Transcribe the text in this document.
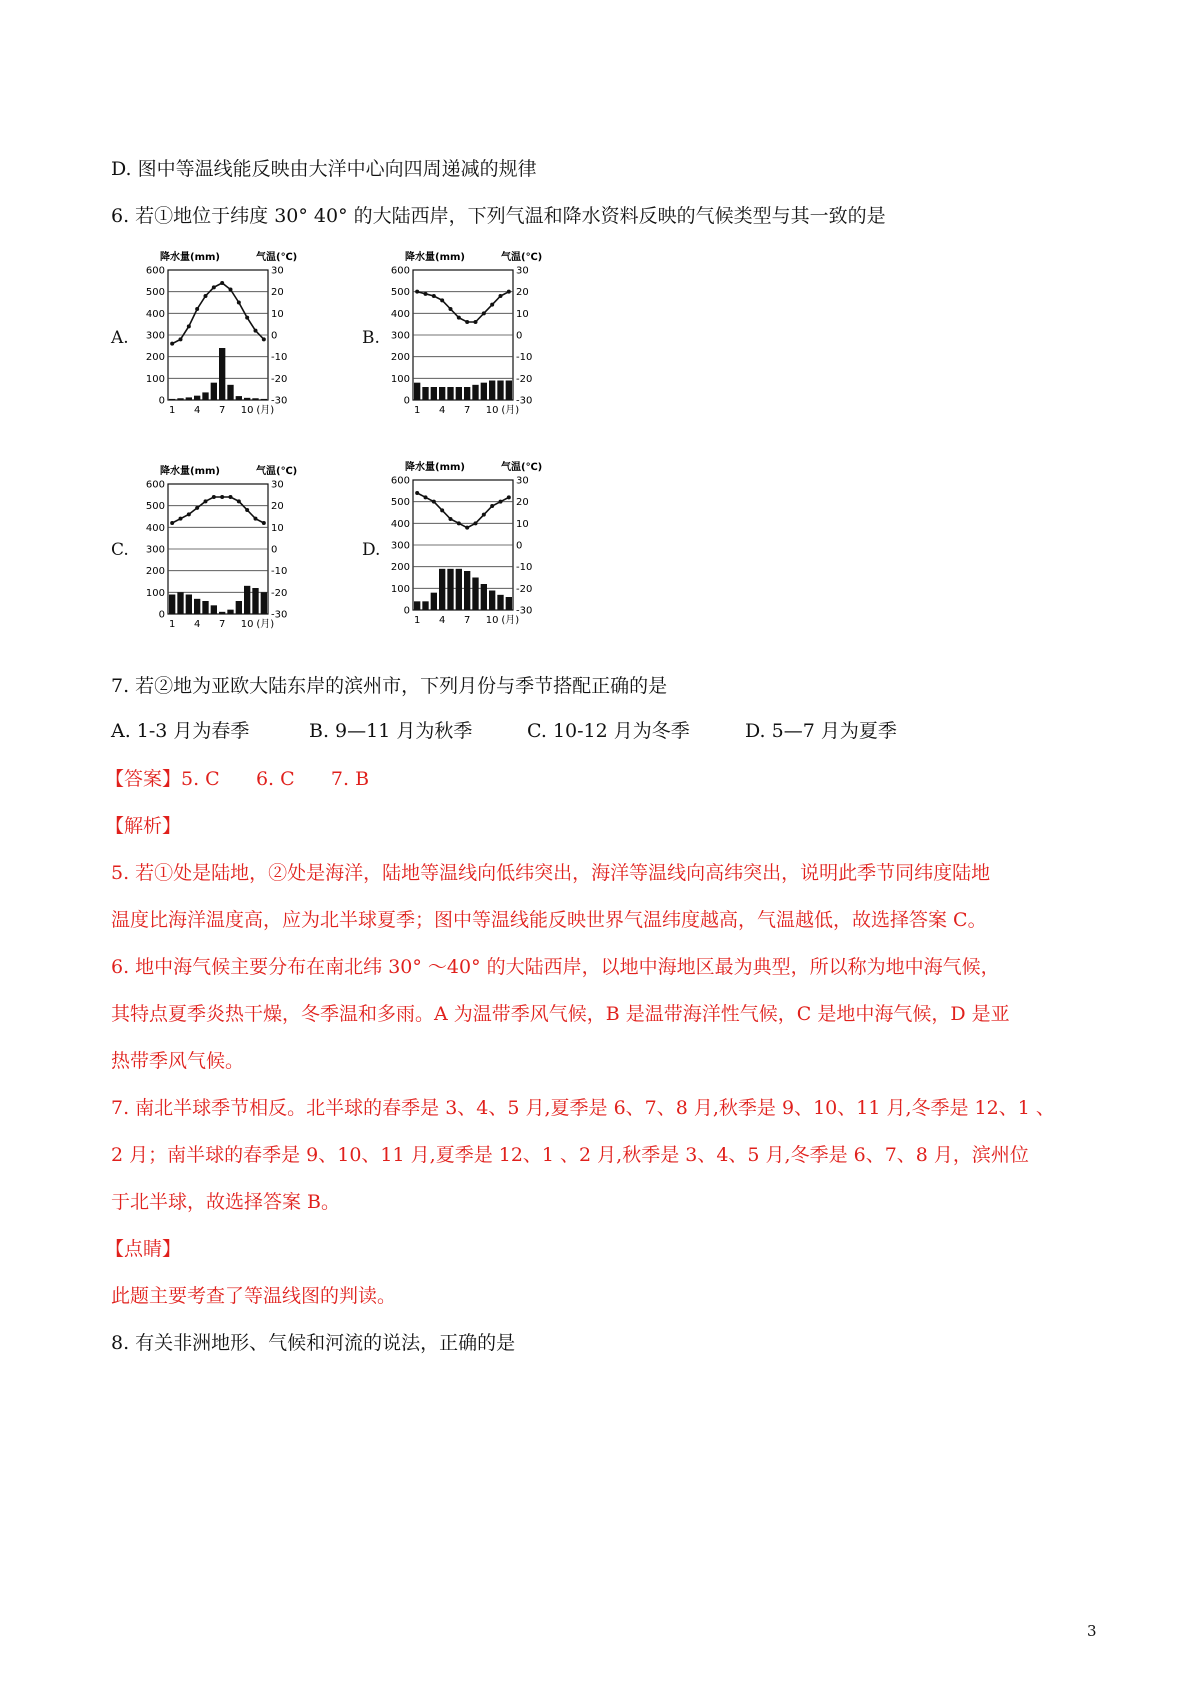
D. 图中等温线能反映由大洋中心向四周递减的规律
6. 若①地位于纬度 30° 40° 的大陆西岸，下列气温和降水资料反映的气候类型与其一致的是
A.
降水量(mm)	气温(℃)
600	30
500	20
400	10
300	0
200	-10
100	-20
0	-30
1 4 7 10 (月)
B.
降水量(mm)	气温(℃)
600	30
500	20
400	10
300	0
200	-10
100	-20
0	-30
1 4 7 10 (月)
C.
降水量(mm)	气温(℃)
600	30
500	20
400	10
300	0
200	-10
100	-20
0	-30
1 4 7 10 (月)
D.
降水量(mm)	气温(℃)
600	30
500	20
400	10
300	0
200	-10
100	-20
0	-30
1 4 7 10 (月)
7. 若②地为亚欧大陆东岸的滨州市，下列月份与季节搭配正确的是
A. 1-3 月为春季	B. 9—11 月为秋季	C. 10-12 月为冬季	D. 5—7 月为夏季
【答案】5. C      6. C      7. B
【解析】
5. 若①处是陆地，②处是海洋，陆地等温线向低纬突出，海洋等温线向高纬突出，说明此季节同纬度陆地
温度比海洋温度高，应为北半球夏季；图中等温线能反映世界气温纬度越高，气温越低，故选择答案 C。
6. 地中海气候主要分布在南北纬 30° ～40° 的大陆西岸，以地中海地区最为典型，所以称为地中海气候，
其特点夏季炎热干燥，冬季温和多雨。A 为温带季风气候，B 是温带海洋性气候，C 是地中海气候，D 是亚
热带季风气候。
7. 南北半球季节相反。北半球的春季是 3、4、5 月,夏季是 6、7、8 月,秋季是 9、10、11 月,冬季是 12、1 、
2 月；南半球的春季是 9、10、11 月,夏季是 12、1 、2 月,秋季是 3、4、5 月,冬季是 6、7、8 月，滨州位
于北半球，故选择答案 B。
【点睛】
此题主要考查了等温线图的判读。
8. 有关非洲地形、气候和河流的说法，正确的是
3
